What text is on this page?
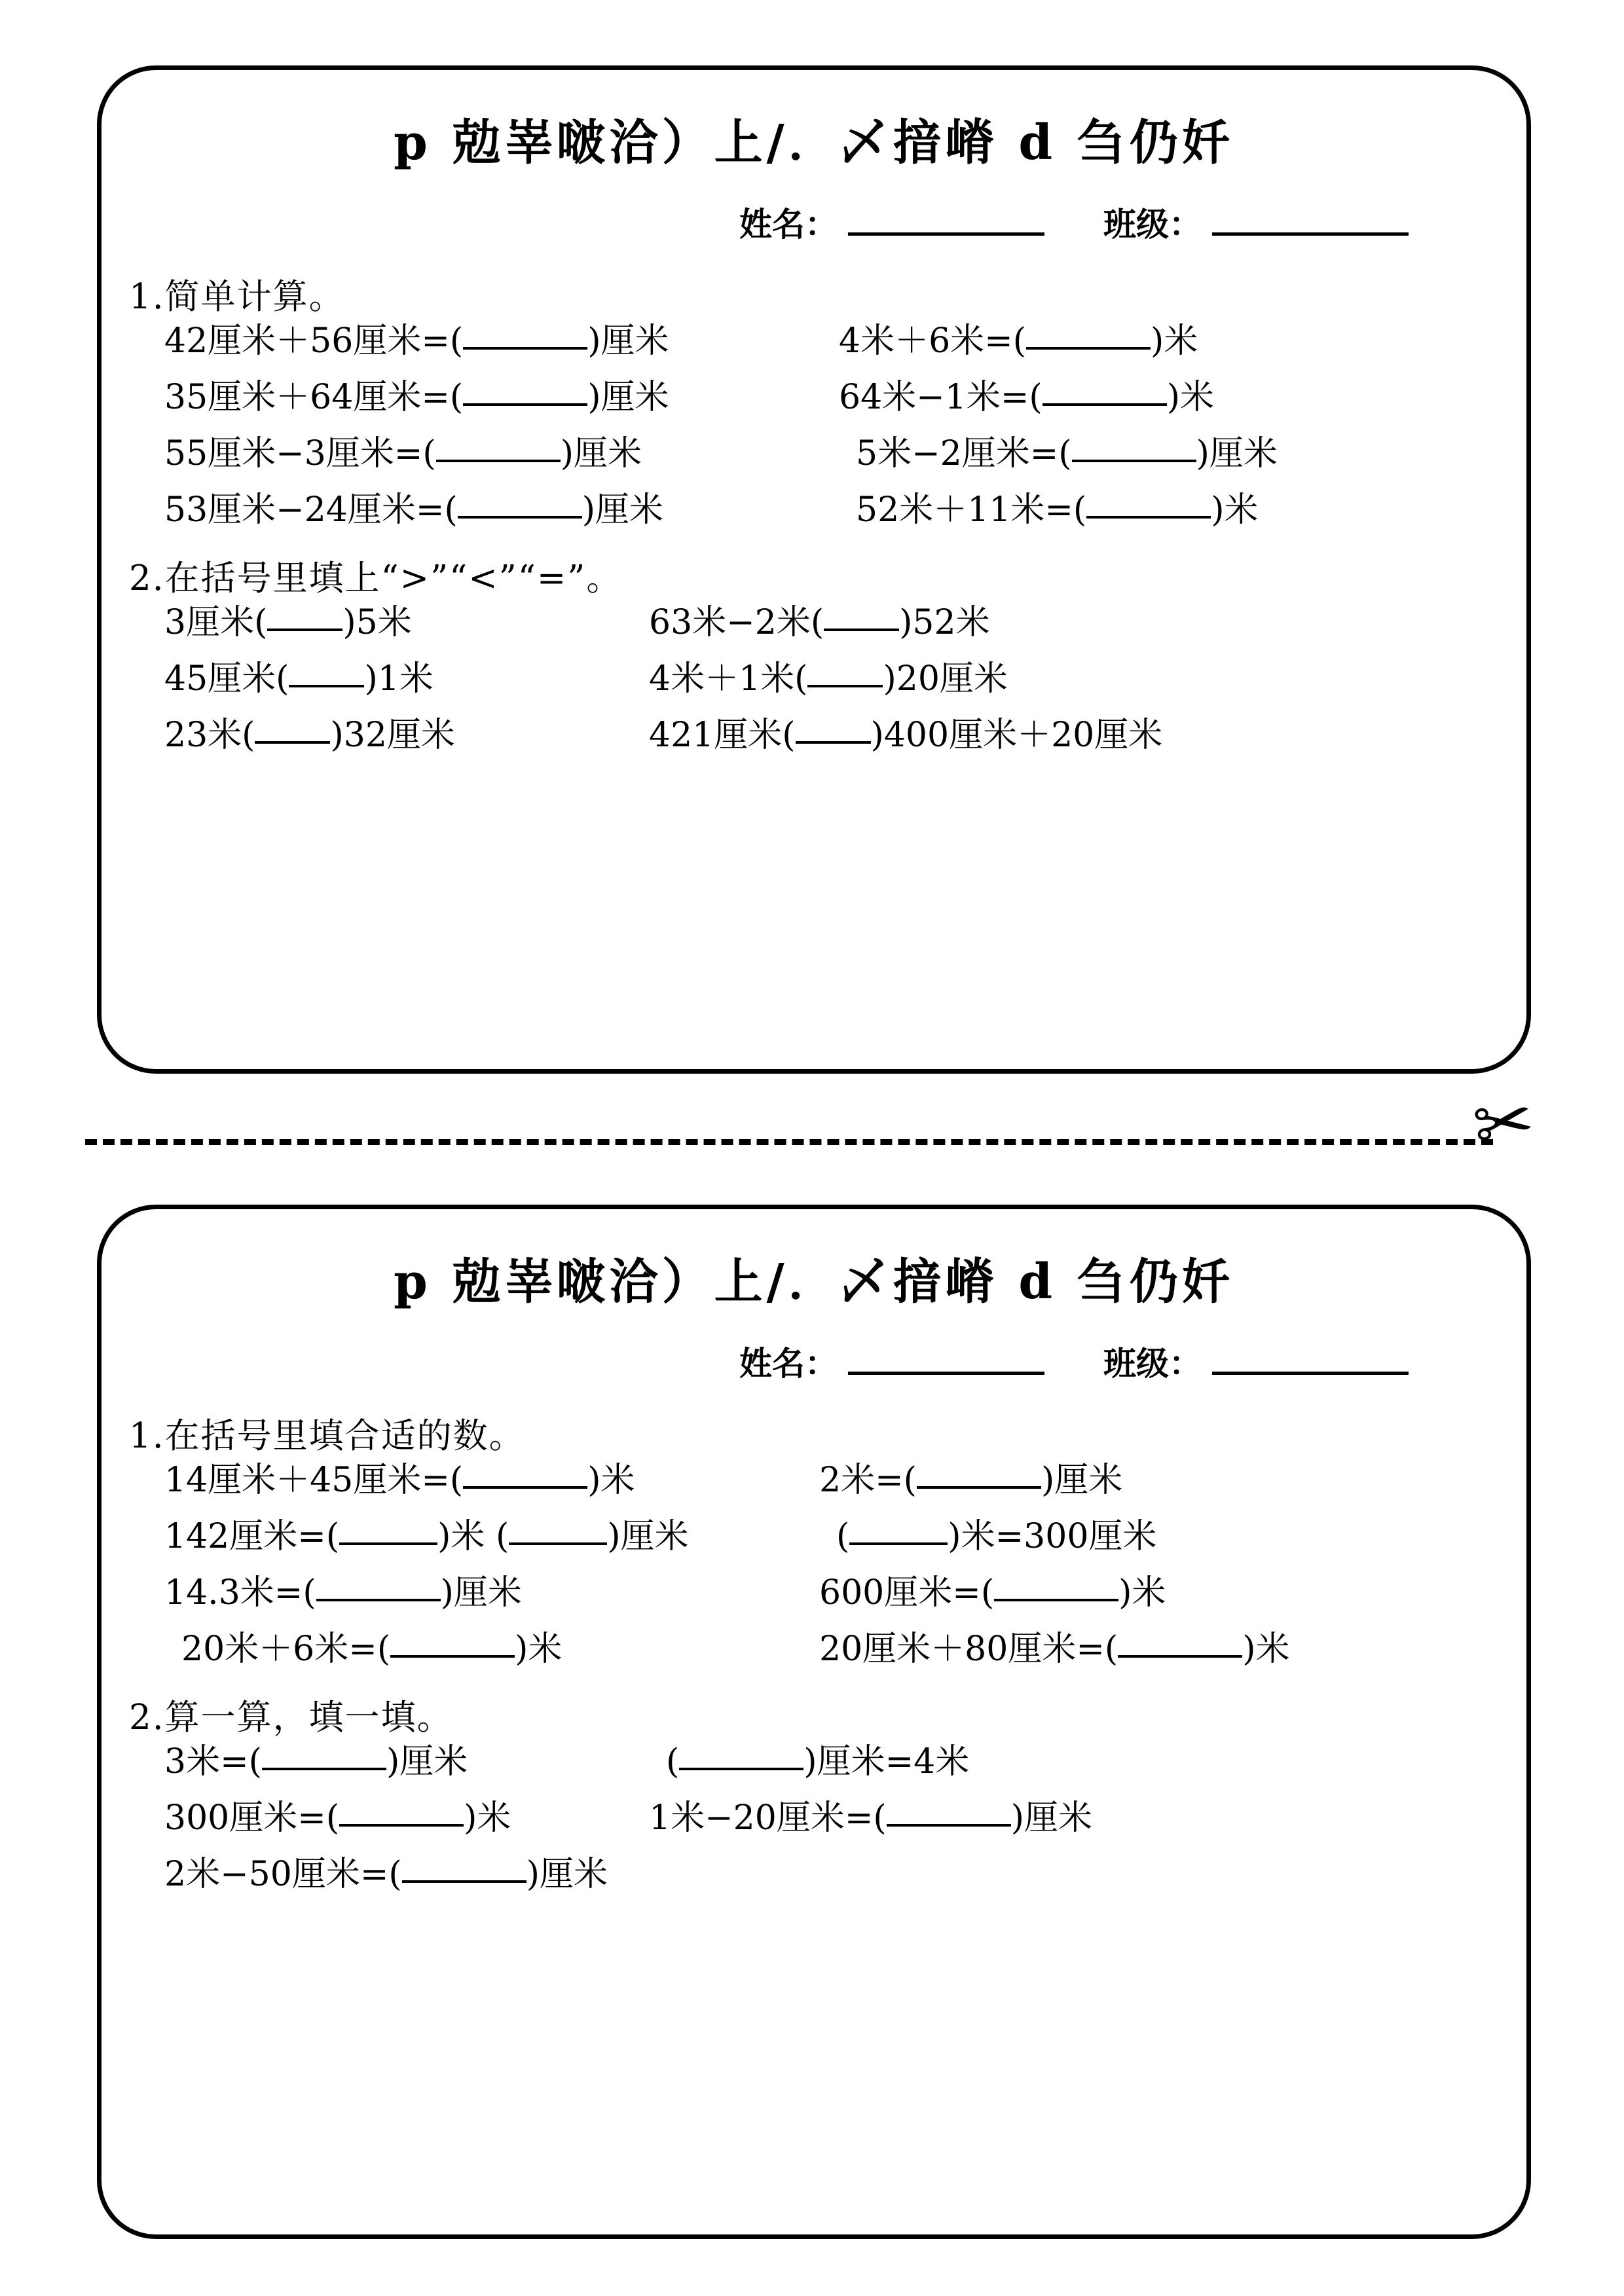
p 勊峷啵洽）上/．乄揞嵴 d 刍仍奷
姓名：	班级：
1.简单计算。
42厘米＋56厘米=(	)厘米	4米＋6米=(	)米
35厘米＋64厘米=(	)厘米	64米−1米=(	)米
55厘米−3厘米=(	)厘米	5米−2厘米=(	)厘米
53厘米−24厘米=(	)厘米	52米＋11米=(	)米
2.在括号里填上“>”“<”“=”。
3厘米( )5米	63米−2米( )52米
45厘米( )1米	4米＋1米( )20厘米
23米( )32厘米	421厘米( )400厘米＋20厘米
✂
p 勊峷啵洽）上/．乄揞嵴 d 刍仍奷
姓名：	班级：
1.在括号里填合适的数。
14厘米＋45厘米=(	)米	2米=(	)厘米
142厘米=(	)米 (	)厘米	(	)米=300厘米
14.3米=(	)厘米	600厘米=(	)米
20米＋6米=(	)米	20厘米＋80厘米=(	)米
2.算一算，填一填。
3米=(	)厘米	(	)厘米=4米
300厘米=(	)米	1米−20厘米=(	)厘米
2米−50厘米=(	)厘米
